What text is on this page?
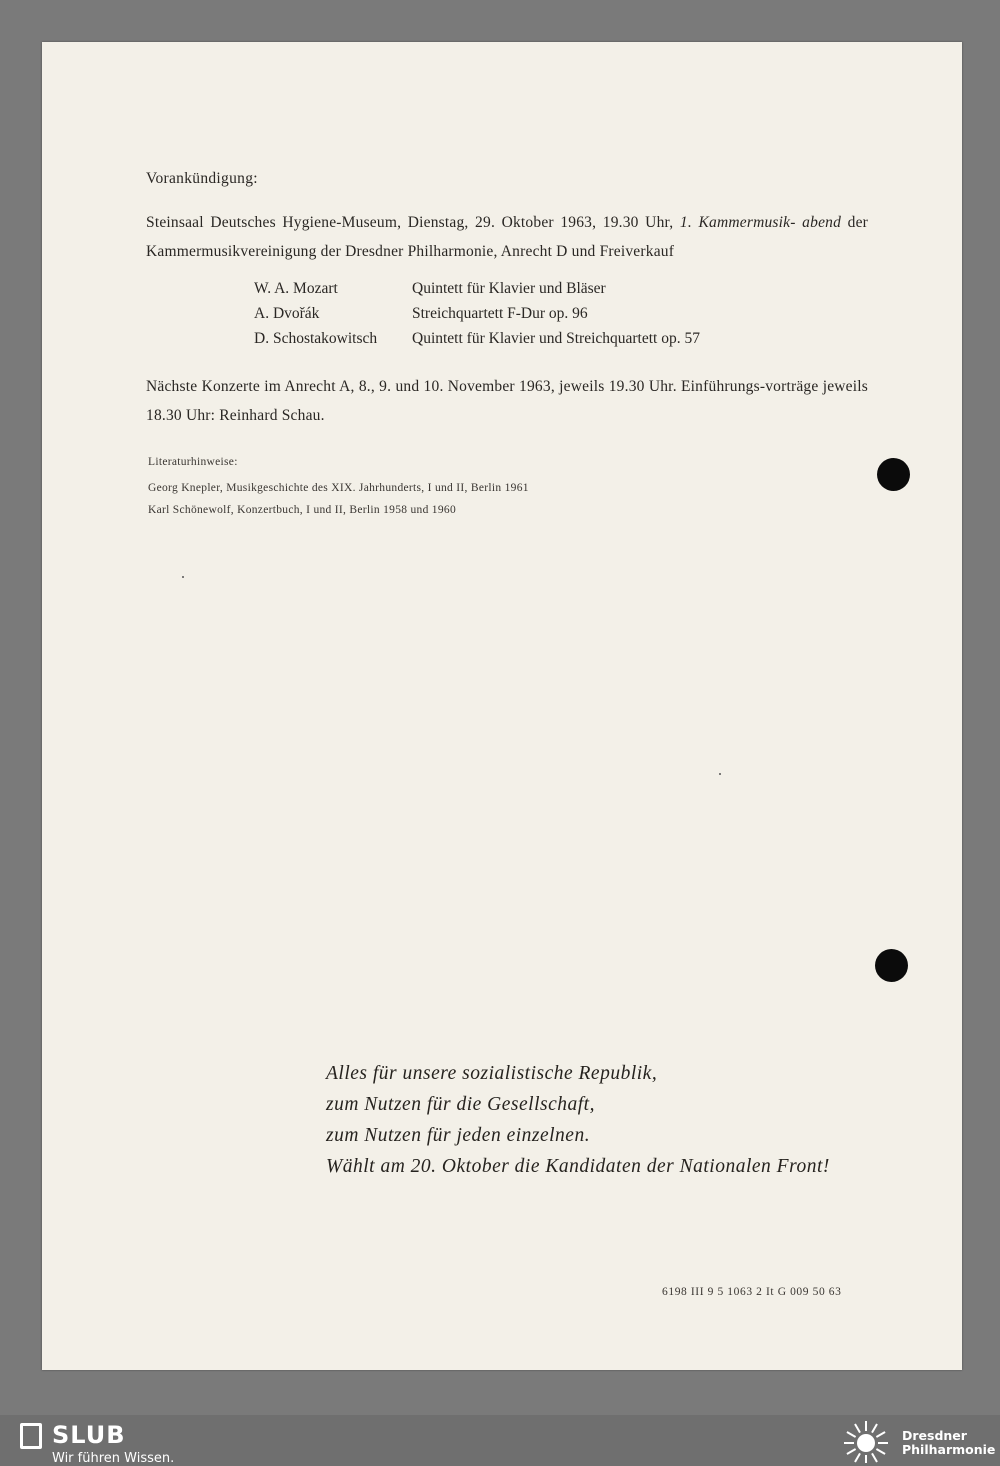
Vorankündigung:
Steinsaal Deutsches Hygiene-Museum, Dienstag, 29. Oktober 1963, 19.30 Uhr, 1. Kammermusik- abend der Kammermusikvereinigung der Dresdner Philharmonie, Anrecht D und Freiverkauf
W. A. Mozart	Quintett für Klavier und Bläser
A. Dvořák	Streichquartett F-Dur op. 96
D. Schostakowitsch	Quintett für Klavier und Streichquartett op. 57
Nächste Konzerte im Anrecht A, 8., 9. und 10. November 1963, jeweils 19.30 Uhr. Einführungs-vorträge jeweils 18.30 Uhr: Reinhard Schau.
Literaturhinweise:
Georg Knepler, Musikgeschichte des XIX. Jahrhunderts, I und II, Berlin 1961
Karl Schönewolf, Konzertbuch, I und II, Berlin 1958 und 1960
Alles für unsere sozialistische Republik,
zum Nutzen für die Gesellschaft,
zum Nutzen für jeden einzelnen.
Wählt am 20. Oktober die Kandidaten der Nationalen Front!
6198 III 9 5 1063 2 It G 009 50 63
SLUB
Wir führen Wissen.
Dresdner Philharmonie
